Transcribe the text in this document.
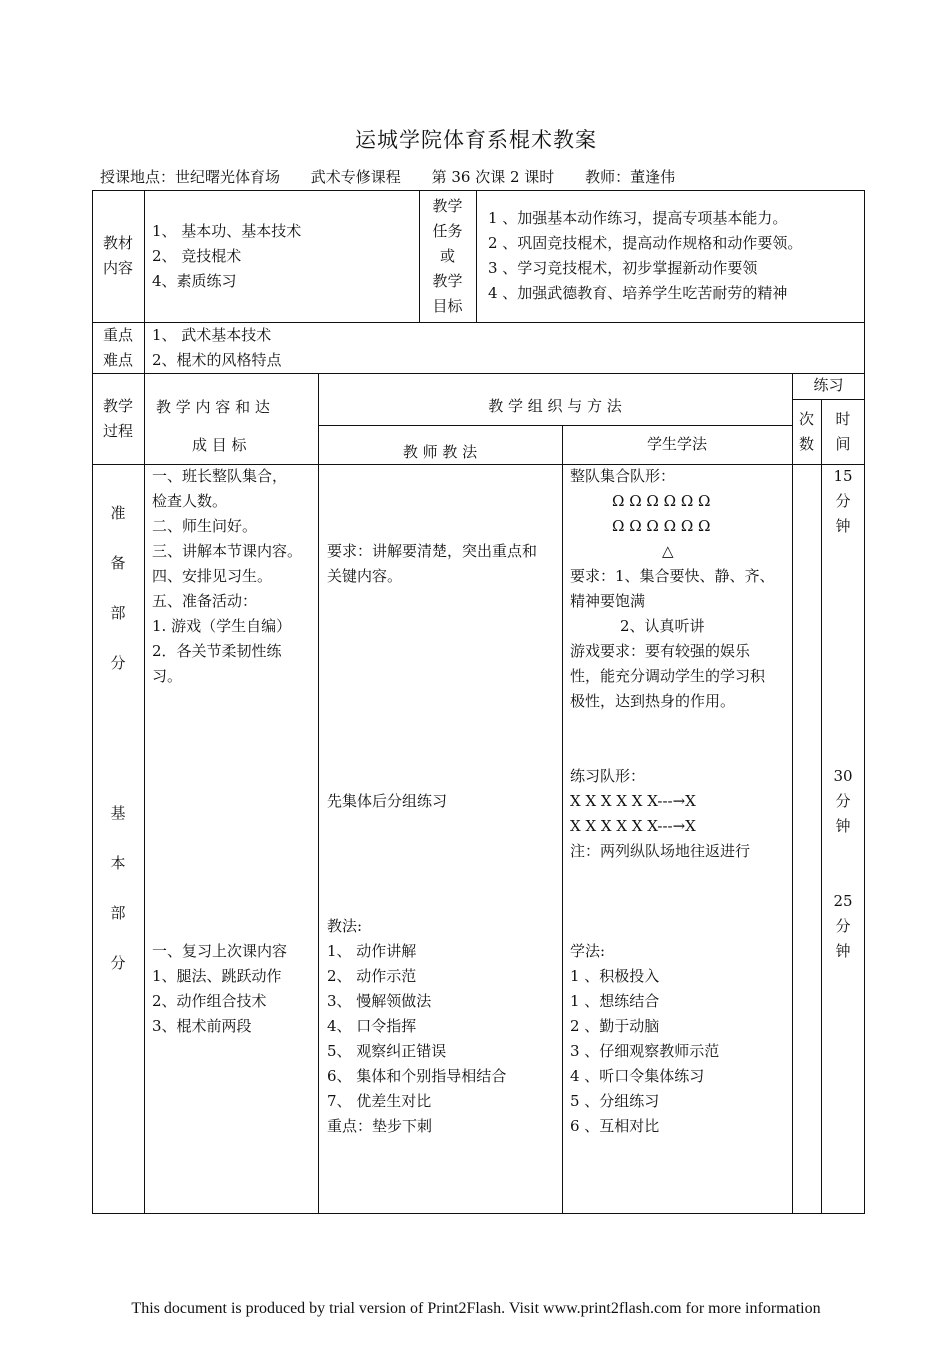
运城学院体育系棍术教案
授课地点：世纪曙光体育场 武术专修课程 第 36 次课 2 课时 教师：董逢伟
教材
内容
1、 基本功、基本技术
2、 竞技棍术
4、素质练习
教学
任务
或
教学
目标
1 、加强基本动作练习，提高专项基本能力。
2 、巩固竞技棍术，提高动作规格和动作要领。
3 、学习竞技棍术，初步掌握新动作要领
4 、加强武德教育、培养学生吃苦耐劳的精神
重点
难点
1、 武术基本技术
2、棍术的风格特点
教学
过程
教 学 内 容 和 达
成 目 标
教 学 组 织 与 方 法
教 师 教 法	学生学法
练习
次
数
时
间
准
备
部
分
一、班长整队集合，
检查人数。
二、师生问好。
三、讲解本节课内容。
四、安排见习生。
五、准备活动：
1. 游戏（学生自编）
2．各关节柔韧性练
习。
要求：讲解要清楚，突出重点和
关键内容。
整队集合队形：
Ω Ω Ω Ω Ω Ω
Ω Ω Ω Ω Ω Ω
△
要求：1、集合要快、静、齐、
精神要饱满
2、认真听讲
游戏要求：要有较强的娱乐
性，能充分调动学生的学习积
极性，达到热身的作用。
15
分
钟
基
本
部
分
先集体后分组练习
练习队形：
X X X X X X---→X
X X X X X X---→X
注：两列纵队场地往返进行
30
分
钟
一、复习上次课内容
1、腿法、跳跃动作
2、动作组合技术
3、棍术前两段
教法:
1、 动作讲解
2、 动作示范
3、 慢解领做法
4、 口令指挥
5、 观察纠正错误
6、 集体和个别指导相结合
7、 优差生对比
重点：垫步下刺
学法:
1 、积极投入
1 、想练结合
2 、勤于动脑
3 、仔细观察教师示范
4 、听口令集体练习
5 、分组练习
6 、互相对比
25
分
钟
This document is produced by trial version of Print2Flash. Visit www.print2flash.com for more information
